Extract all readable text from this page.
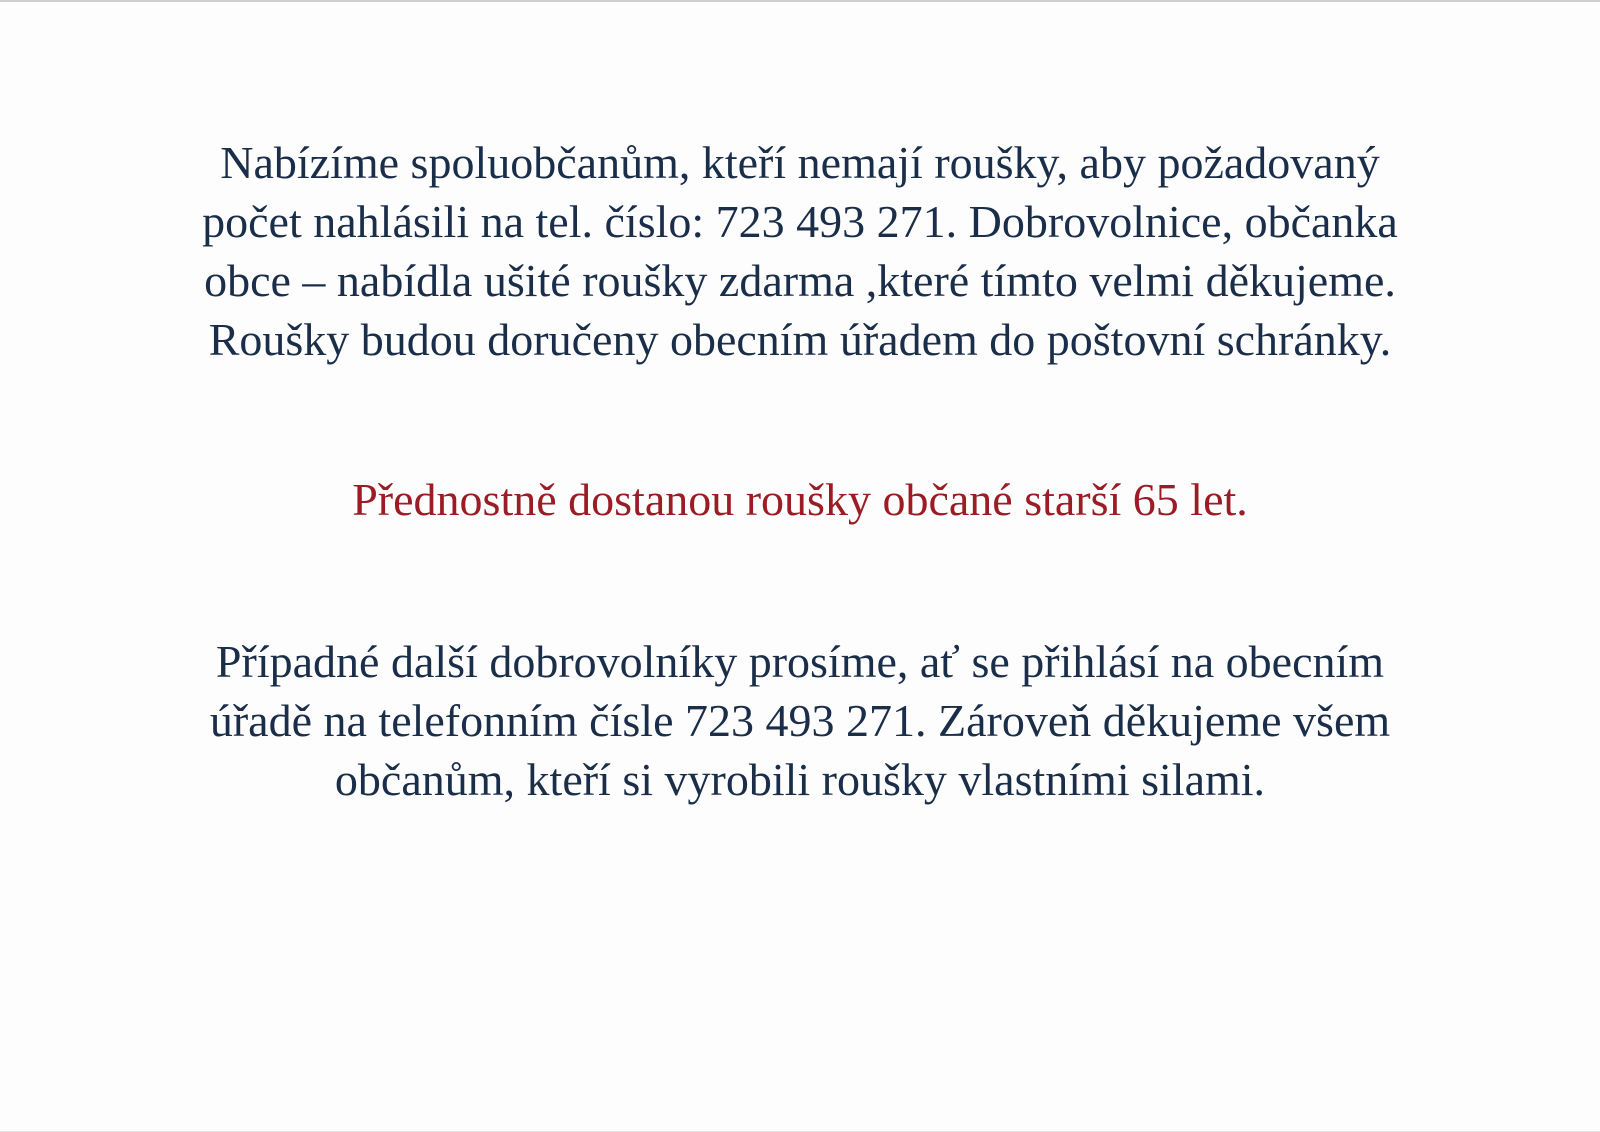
Nabízíme spoluobčanům, kteří nemají roušky, aby požadovaný
počet nahlásili na tel. číslo: 723 493 271. Dobrovolnice, občanka
obce – nabídla ušité roušky zdarma ,které tímto velmi děkujeme.
Roušky budou doručeny obecním úřadem do poštovní schránky.
Přednostně dostanou roušky občané starší 65 let.
Případné další dobrovolníky prosíme, ať se přihlásí na obecním
úřadě na telefonním čísle 723 493 271. Zároveň děkujeme všem
občanům, kteří si vyrobili roušky vlastními silami.
